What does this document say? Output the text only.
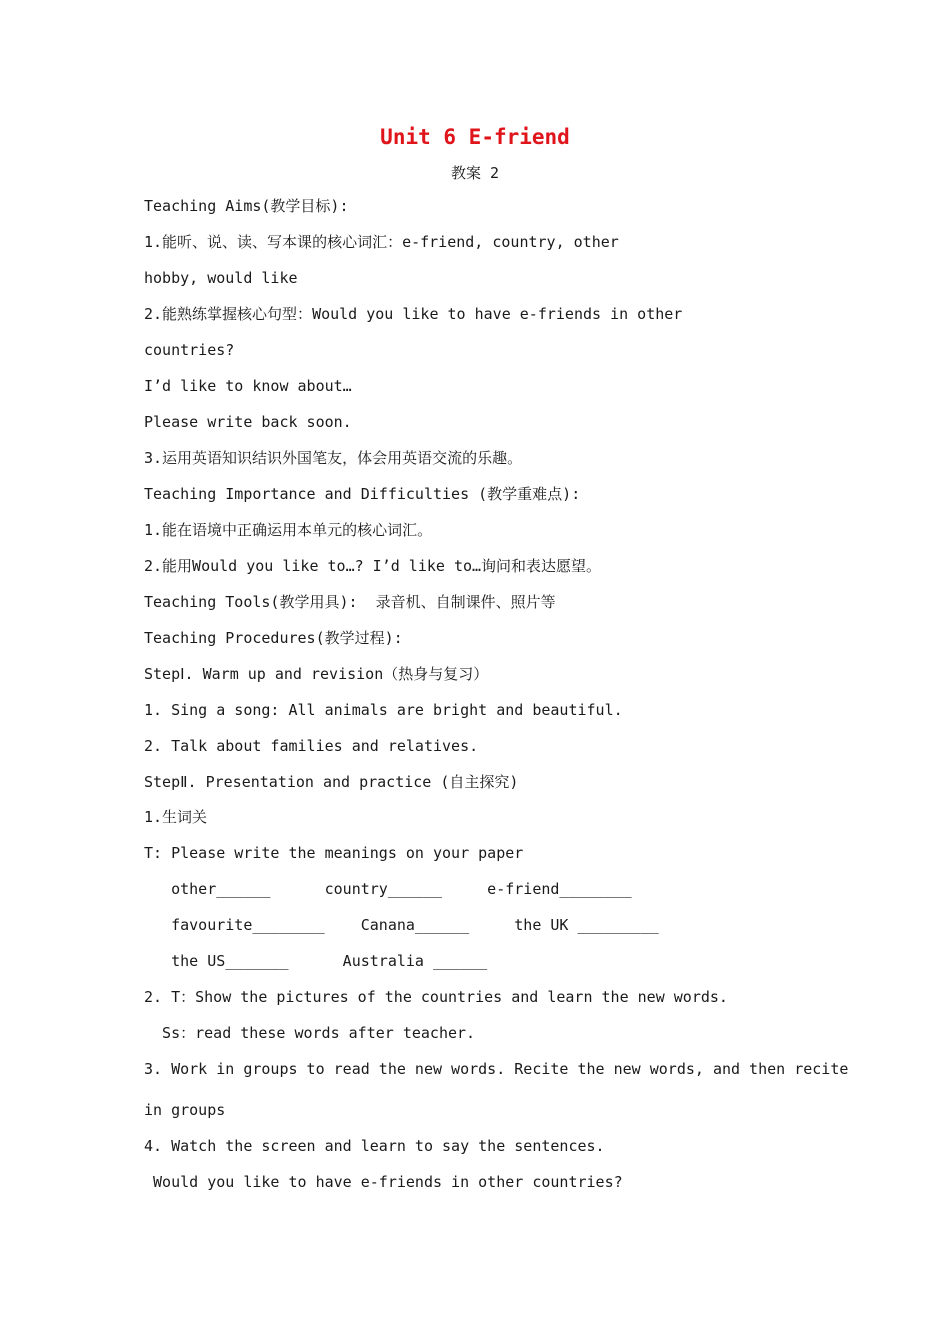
Unit 6 E-friend
教案 2
Teaching Aims(教学目标):
1.能听、说、读、写本课的核心词汇：e-friend, country, other
hobby, would like
2.能熟练掌握核心句型：Would you like to have e-friends in other
countries?
I’d like to know about…
Please write back soon.
3.运用英语知识结识外国笔友，体会用英语交流的乐趣。
Teaching Importance and Difficulties (教学重难点):
1.能在语境中正确运用本单元的核心词汇。
2.能用Would you like to…? I’d like to…询问和表达愿望。
Teaching Tools(教学用具):  录音机、自制课件、照片等
Teaching Procedures(教学过程):
StepⅠ. Warm up and revision（热身与复习）
1. Sing a song: All animals are bright and beautiful.
2. Talk about families and relatives.
StepⅡ. Presentation and practice (自主探究)
1.生词关
T: Please write the meanings on your paper
other______      country______     e-friend________
favourite________    Canana______     the UK _________
the US_______      Australia ______
2. T：Show the pictures of the countries and learn the new words.
Ss：read these words after teacher.
3. Work in groups to read the new words. Recite the new words, and then recite
in groups
4. Watch the screen and learn to say the sentences.
Would you like to have e-friends in other countries?
